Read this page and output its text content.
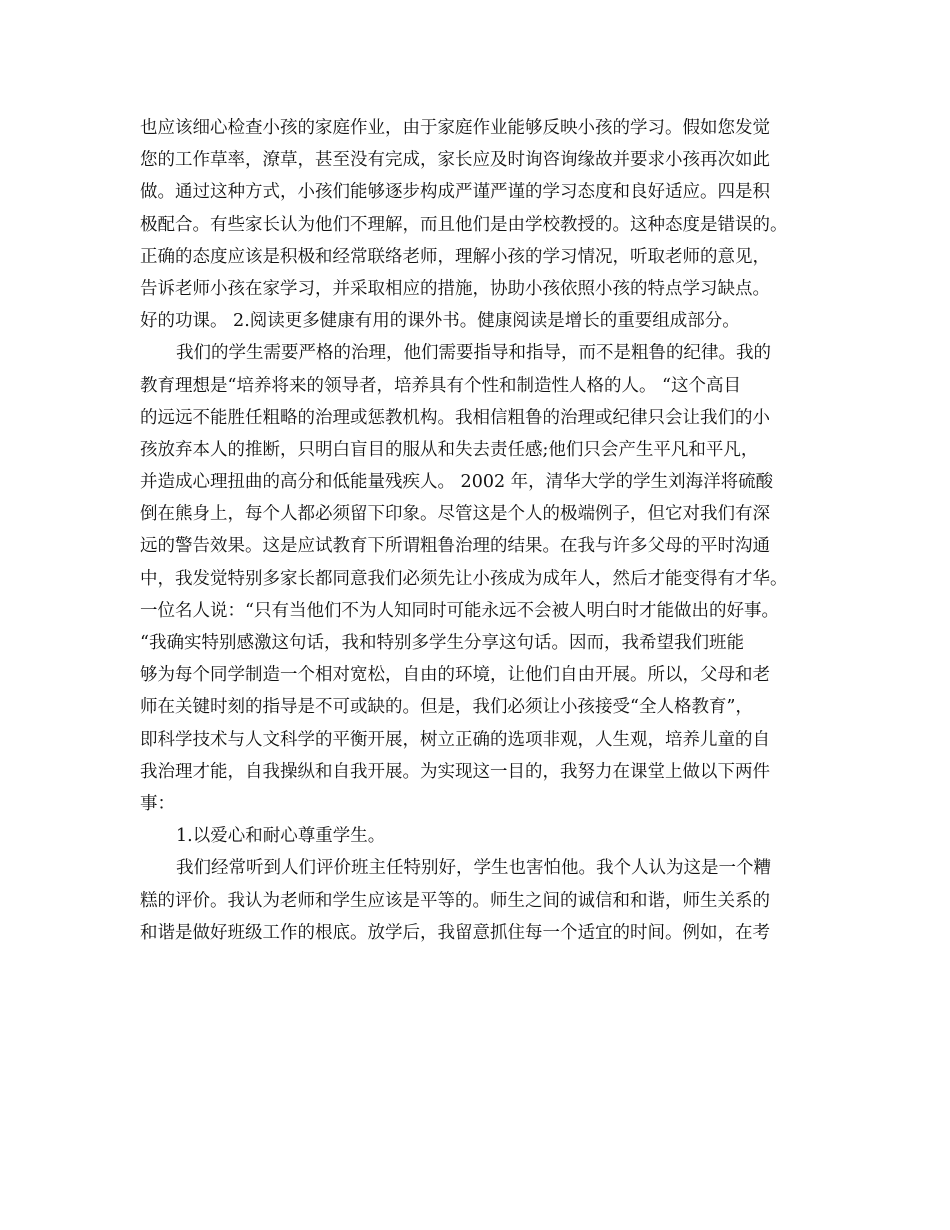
也应该细心检查小孩的家庭作业，由于家庭作业能够反映小孩的学习。假如您发觉
您的工作草率，潦草，甚至没有完成，家长应及时询咨询缘故并要求小孩再次如此
做。通过这种方式，小孩们能够逐步构成严谨严谨的学习态度和良好适应。四是积
极配合。有些家长认为他们不理解，而且他们是由学校教授的。这种态度是错误的。
正确的态度应该是积极和经常联络老师，理解小孩的学习情况，听取老师的意见，
告诉老师小孩在家学习，并采取相应的措施，协助小孩依照小孩的特点学习缺点。
好的功课。 2.阅读更多健康有用的课外书。健康阅读是增长的重要组成部分。
我们的学生需要严格的治理，他们需要指导和指导，而不是粗鲁的纪律。我的
教育理想是“培养将来的领导者，培养具有个性和制造性人格的人。 “这个高目
的远远不能胜任粗略的治理或惩教机构。我相信粗鲁的治理或纪律只会让我们的小
孩放弃本人的推断，只明白盲目的服从和失去责任感;他们只会产生平凡和平凡，
并造成心理扭曲的高分和低能量残疾人。 2002 年，清华大学的学生刘海洋将硫酸
倒在熊身上，每个人都必须留下印象。尽管这是个人的极端例子，但它对我们有深
远的警告效果。这是应试教育下所谓粗鲁治理的结果。在我与许多父母的平时沟通
中，我发觉特别多家长都同意我们必须先让小孩成为成年人，然后才能变得有才华。
一位名人说：“只有当他们不为人知同时可能永远不会被人明白时才能做出的好事。
“我确实特别感激这句话，我和特别多学生分享这句话。因而，我希望我们班能
够为每个同学制造一个相对宽松，自由的环境，让他们自由开展。所以，父母和老
师在关键时刻的指导是不可或缺的。但是，我们必须让小孩接受“全人格教育”，
即科学技术与人文科学的平衡开展，树立正确的选项非观，人生观，培养儿童的自
我治理才能，自我操纵和自我开展。为实现这一目的，我努力在课堂上做以下两件
事：
1.以爱心和耐心尊重学生。
我们经常听到人们评价班主任特别好，学生也害怕他。我个人认为这是一个糟
糕的评价。我认为老师和学生应该是平等的。师生之间的诚信和和谐，师生关系的
和谐是做好班级工作的根底。放学后，我留意抓住每一个适宜的时间。例如，在考
